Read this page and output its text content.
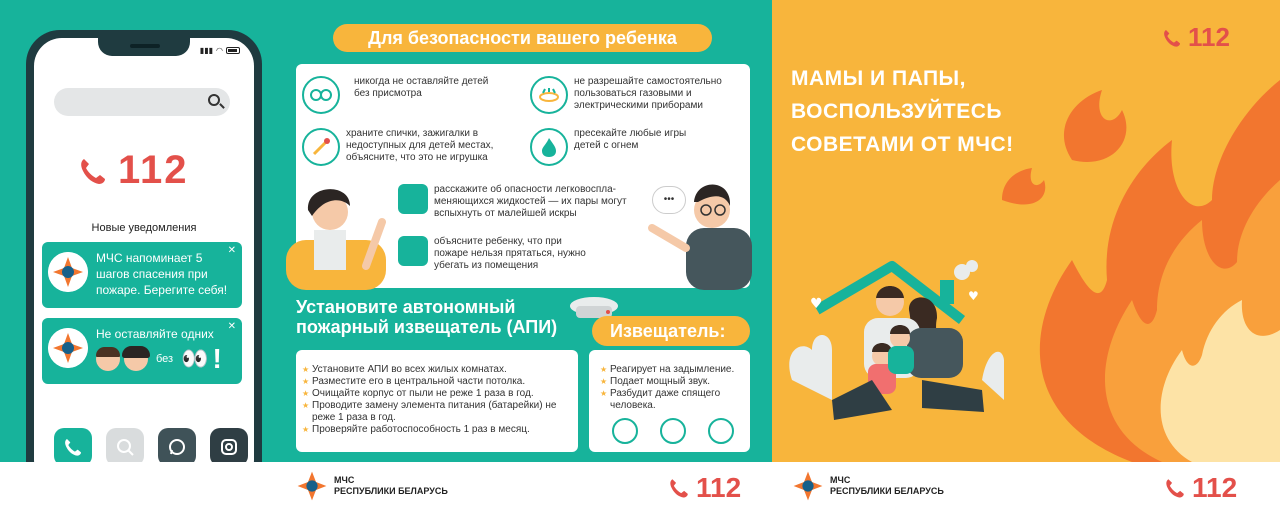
♥	♥
▮▮▮ ◠
112
Новые уведомления
✕
МЧС напоминает 5 шагов спасения при пожаре. Берегите себя!
✕
Не оставляйте одних
без 👀 !
Для безопасности вашего ребенка
никогда не оставляйте детей без присмотра
не разрешайте самостоятельно пользоваться газовыми и электрическими приборами
храните спички, зажигалки в недоступных для детей местах, объясните, что это не игрушка
пресекайте любые игры детей с огнем
расскажите об опасности легковоспла-меняющихся жидкостей — их пары могут вспыхнуть от малейшей искры
объясните ребенку, что при пожаре нельзя прятаться, нужно убегать из помещения
•••
Установите автономный
пожарный извещатель (АПИ)	Извещатель:
★ Установите АПИ во всех жилых комнатах.
★ Разместите его в центральной части потолка.
★ Очищайте корпус от пыли не реже 1 раза в год.
★ Проводите замену элемента питания (батарейки) не реже 1 раза в год.
★ Проверяйте работоспособность 1 раз в месяц.
★ Реагирует на задымление.
★ Подает мощный звук.
★ Разбудит даже спящего человека.
112
МАМЫ И ПАПЫ,
ВОСПОЛЬЗУЙТЕСЬ
СОВЕТАМИ ОТ МЧС!
МЧС
РЕСПУБЛИКИ БЕЛАРУСЬ	112	МЧС
РЕСПУБЛИКИ БЕЛАРУСЬ	112
